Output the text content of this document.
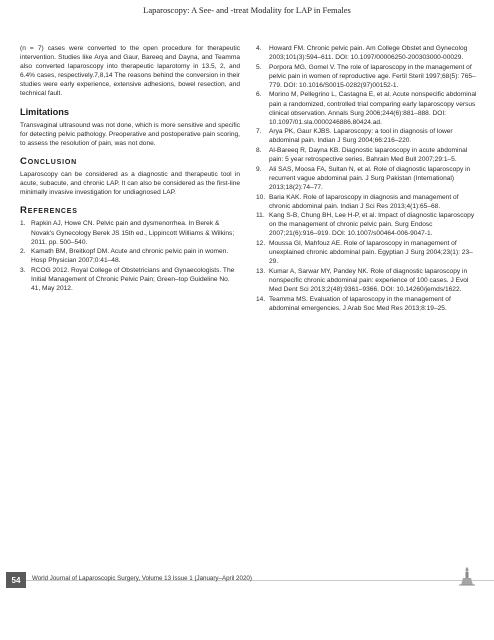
Laparoscopy: A See- and -treat Modality for LAP in Females

(n = 7) cases were converted to the open procedure for therapeutic intervention. Studies like Arya and Gaur, Bareeq and Dayna, and Teamma also converted laparoscopy into therapeutic laparotomy in 13.5, 2, and 6.4% cases, respectively.7,8,14 The reasons behind the conversion in their studies were early experience, extensive adhesions, bowel resection, and technical fault.

Limitations

Transvaginal ultrasound was not done, which is more sensitive and specific for detecting pelvic pathology. Preoperative and postoperative pain scoring, to assess the resolution of pain, was not done.

Conclusion

Laparoscopy can be considered as a diagnostic and therapeutic tool in acute, subacute, and chronic LAP. It can also be considered as the first-line minimally invasive investigation for undiagnosed LAP.

References
1. Rapkin AJ, Howe CN. Pelvic pain and dysmenorrhea. In Berek & Novak's Gynecology Berek JS 15th ed., Lippincott Williams & Wilkins; 2011. pp. 500–540.
2. Kamath BM, Breitkopf DM. Acute and chronic pelvic pain in women. Hosp Physician 2007;0:41–48.
3. RCOG 2012. Royal College of Obstetricians and Gynaecologists. The Initial Management of Chronic Pelvic Pain; Green–top Guideline No. 41, May 2012.
4.	Howard FM. Chronic pelvic pain. Am College Obstet and Gynecolog 2003;101(3):594–611. DOI: 10.1097/00006250-200303000-00029.
5.	Porpora MG, Gomel V. The role of laparoscopy in the management of pelvic pain in women of reproductive age. Fertil Steril 1997;68(5): 765–779. DOI: 10.1016/S0015-0282(97)00152-1.
6.	Morino M, Pellegrino L, Castagna E, et al. Acute nonspecific abdominal pain a randomized, controlled trial comparing early laparoscopy versus clinical observation. Annals Surg 2006;244(6):881–888. DOI: 10.1097/01.sla.0000246886.80424.ad.
7.	Arya PK, Gaur KJBS. Laparoscopy: a tool in diagnosis of lower abdominal pain. Indian J Surg 2004;66:216–220.
8.	Al-Bareeq R, Dayna KB. Diagnostic laparoscopy in acute abdominal pain: 5 year retrospective series. Bahrain Med Bull 2007;29:1–5.
9.	Ali SAS, Moosa FA, Sultan N, et al. Role of diagnostic laparoscopy in recurrent vague abdominal pain. J Surg Pakistan (International) 2013;18(2):74–77.
10. Baria KAK. Role of laparoscopy in diagnosis and management of chronic abdominal pain. Indian J Sci Res 2013;4(1):65–68.
11. Kang S-B, Chung BH, Lee H-P, et al. Impact of diagnostic laparoscopy on the management of chronic pelvic pain. Surg Endosc 2007;21(6):916–919. DOI: 10.1007/s00464-006-9047-1.
12. Moussa GI, Mahfouz AE. Role of laparoscopy in management of unexplained chronic abdominal pain. Egyptian J Surg 2004;23(1): 23–29.
13. Kumar A, Sarwar MY, Pandey NK. Role of diagnostic laparoscopy in nonspecific chronic abdominal pain: experience of 100 cases. J Evol Med Dent Sci 2013;2(48):9361–9366. DOI: 10.14260/jemds/1622.
14. Teamma MS. Evaluation of laparoscopy in the management of abdominal emergencies. J Arab Soc Med Res 2013;8:19–25.
54	World Journal of Laparoscopic Surgery, Volume 13 Issue 1 (January–April 2020)
